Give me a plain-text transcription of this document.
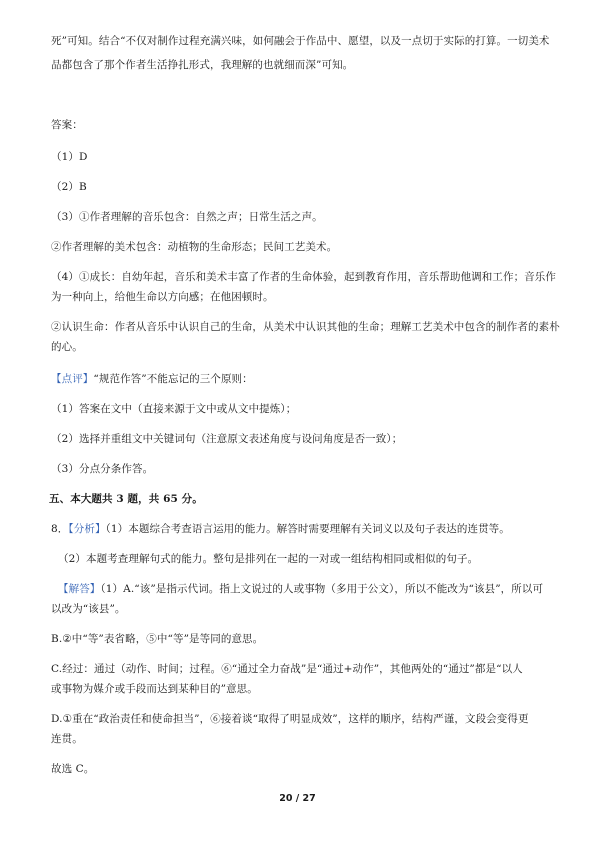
死”可知。结合“不仅对制作过程充满兴味，如何融会于作品中、愿望，以及一点切于实际的打算。一切美术
品都包含了那个作者生活挣扎形式，我理解的也就细而深”可知。
答案：
（1）D
（2）B
（3）①作者理解的音乐包含：自然之声；日常生活之声。
②作者理解的美术包含：动植物的生命形态；民间工艺美术。
（4）①成长：自幼年起，音乐和美术丰富了作者的生命体验，起到教育作用，音乐帮助他调和工作；音乐作
为一种向上，给他生命以方向感；在他困顿时。
②认识生命：作者从音乐中认识自己的生命，从美术中认识其他的生命；理解工艺美术中包含的制作者的素朴
的心。
【点评】“规范作答”不能忘记的三个原则：
（1）答案在文中（直接来源于文中或从文中提炼）；
（2）选择并重组文中关键词句（注意原文表述角度与设问角度是否一致）；
（3）分点分条作答。
五、本大题共 3 题，共 65 分。
8．【分析】（1）本题综合考查语言运用的能力。解答时需要理解有关词义以及句子表达的连贯等。
（2）本题考查理解句式的能力。整句是排列在一起的一对或一组结构相同或相似的句子。
【解答】（1）A.“该”是指示代词。指上文说过的人或事物（多用于公文），所以不能改为“该县”，所以可
以改为“该县”。
B.②中“等”表省略，⑤中“等”是等同的意思。
C.经过：通过（动作、时间；过程。⑥“通过全力奋战”是“通过+动作”，其他两处的“通过”都是“以人
或事物为媒介或手段而达到某种目的”意思。
D.①重在“政治责任和使命担当”，⑥接着谈“取得了明显成效”，这样的顺序，结构严谨，文段会变得更
连贯。
故选 C。
20 / 27
